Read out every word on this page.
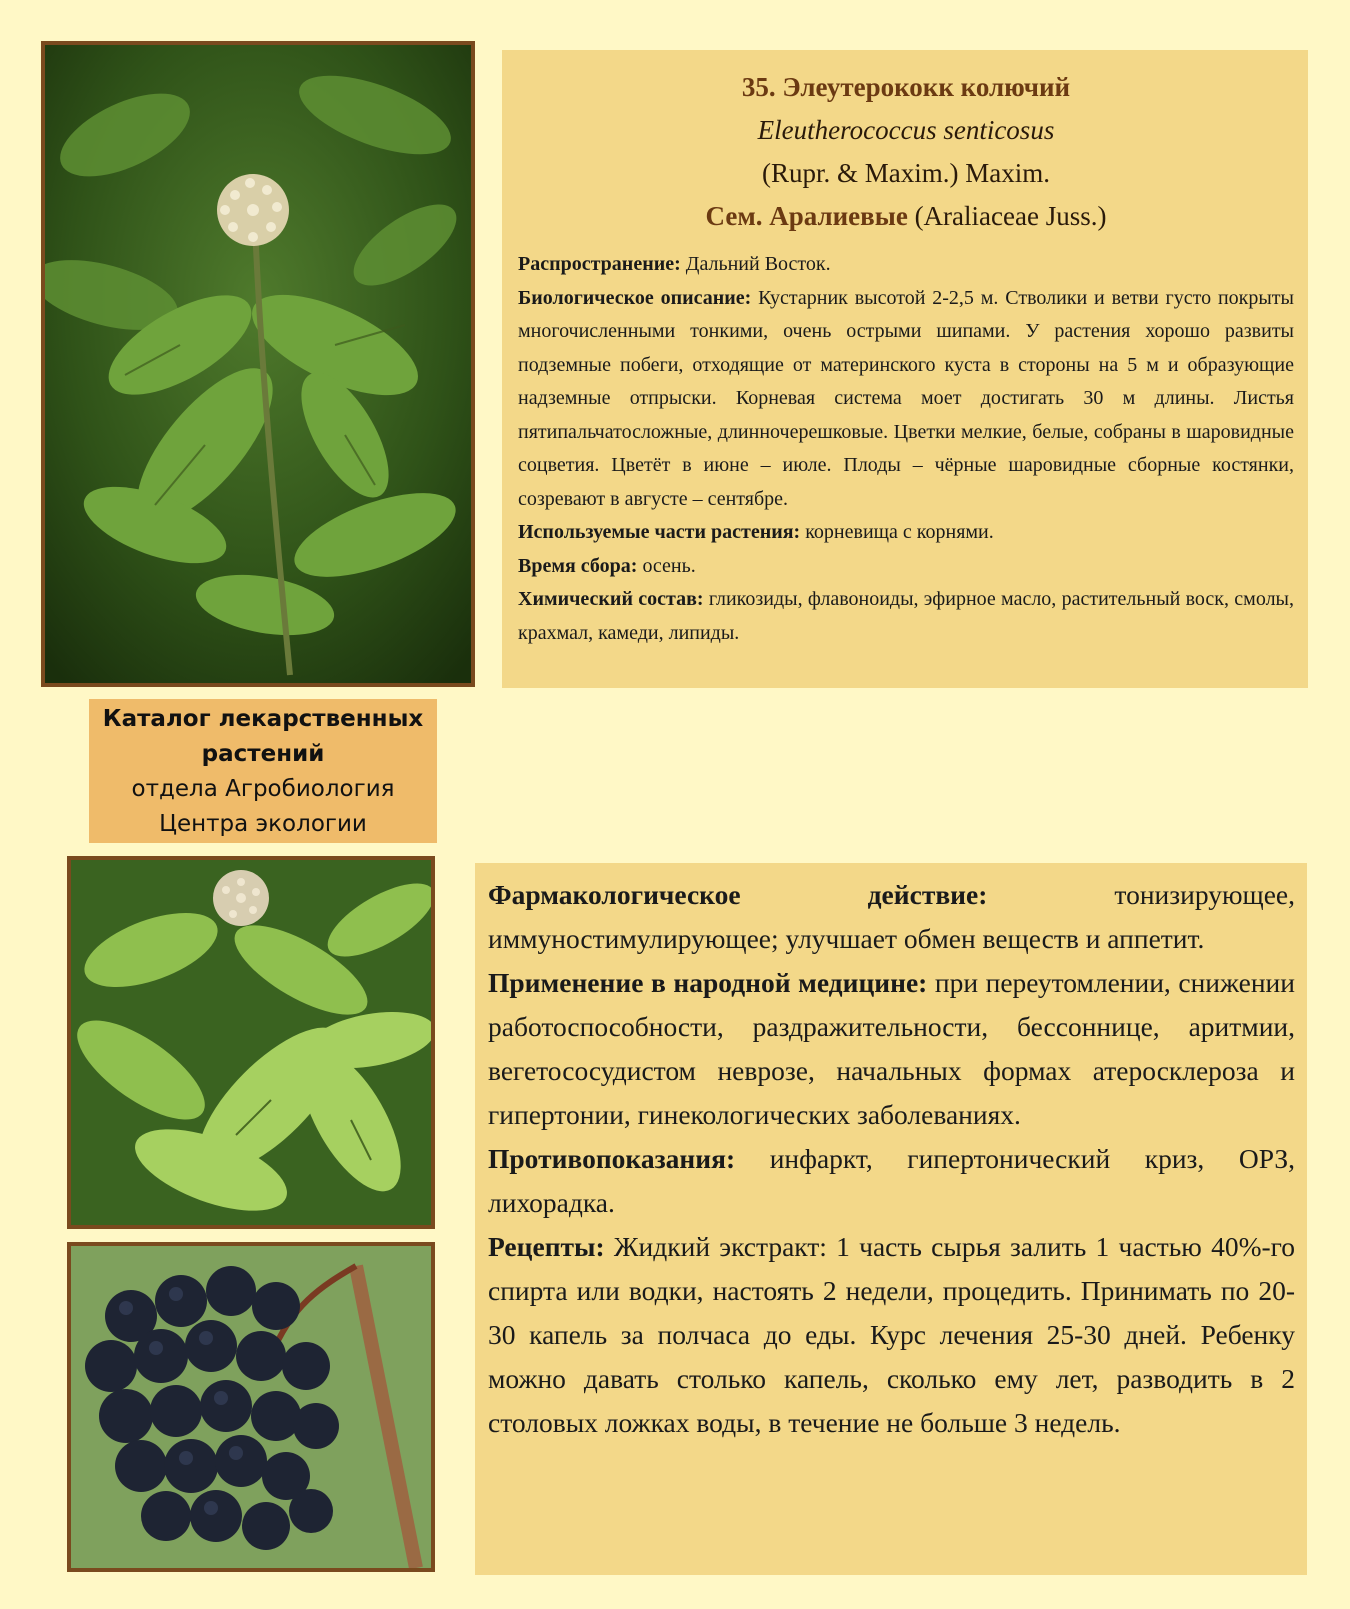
35. Элеутерококк колючий
Eleutherococcus senticosus
(Rupr. & Maxim.) Maxim.
Сем. Аралиевые (Araliaceae Juss.)

Распространение: Дальний Восток.

Биологическое описание: Кустарник высотой 2-2,5 м. Стволики и ветви густо покрыты многочисленными тонкими, очень острыми шипами. У растения хорошо развиты подземные побеги, отходящие от материнского куста в стороны на 5 м и образующие надземные отпрыски. Корневая система моет достигать 30 м длины. Листья пятипальчатосложные, длинночерешковые. Цветки мелкие, белые, собраны в шаровидные соцветия. Цветёт в июне – июле. Плоды – чёрные шаровидные сборные костянки, созревают в августе – сентябре.

Используемые части растения: корневища с корнями.

Время сбора: осень.

Химический состав: гликозиды, флавоноиды, эфирное масло, растительный воск, смолы, крахмал, камеди, липиды.

Каталог лекарственных
растений
отдела Агробиология
Центра экологии

Фармакологическое действие: тонизирующее, иммуностимулирующее; улучшает обмен веществ и аппетит.

Применение в народной медицине: при переутомлении, снижении работоспособности, раздражительности, бессоннице, аритмии, вегетососудистом неврозе, начальных формах атеросклероза и гипертонии, гинекологических заболеваниях.

Противопоказания: инфаркт, гипертонический криз, ОРЗ, лихорадка.

Рецепты: Жидкий экстракт: 1 часть сырья залить 1 частью 40%-го спирта или водки, настоять 2 недели, процедить. Принимать по 20-30 капель за полчаса до еды. Курс лечения 25-30 дней. Ребенку можно давать столько капель, сколько ему лет, разводить в 2 столовых ложках воды, в течение не больше 3 недель.
